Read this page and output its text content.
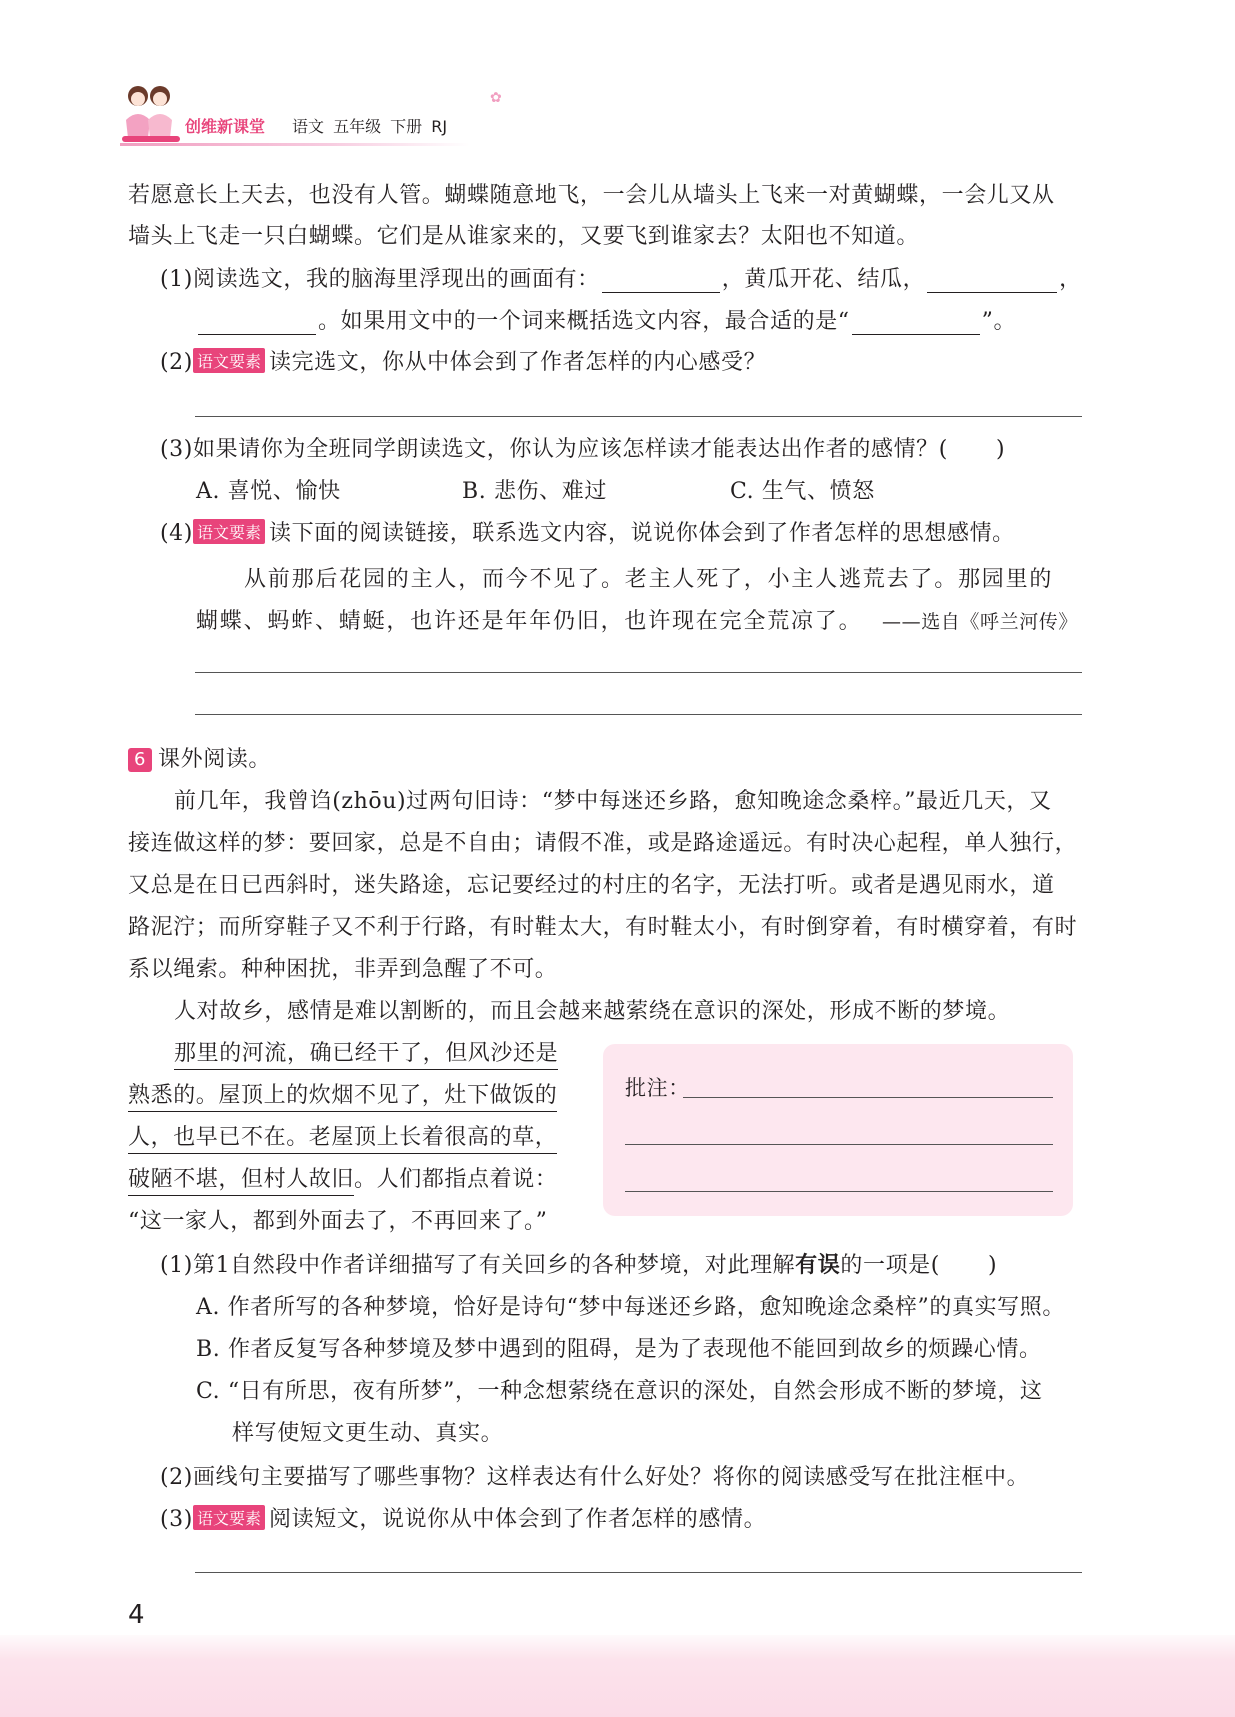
创维新课堂 语文 五年级 下册 RJ
✿
若愿意长上天去，也没有人管。蝴蝶随意地飞，一会儿从墙头上飞来一对黄蝴蝶，一会儿又从
墙头上飞走一只白蝴蝶。它们是从谁家来的，又要飞到谁家去？太阳也不知道。
(1)阅读选文，我的脑海里浮现出的画面有：	，黄瓜开花、结瓜，	，
。如果用文中的一个词来概括选文内容，最合适的是“	”。
(2) 语文要素 读完选文，你从中体会到了作者怎样的内心感受？
(3)如果请你为全班同学朗读选文，你认为应该怎样读才能表达出作者的感情？( )
A. 喜悦、愉快	B. 悲伤、难过	C. 生气、愤怒
(4) 语文要素 读下面的阅读链接，联系选文内容，说说你体会到了作者怎样的思想感情。
从前那后花园的主人，而今不见了。老主人死了，小主人逃荒去了。那园里的
蝴蝶、蚂蚱、蜻蜓，也许还是年年仍旧，也许现在完全荒凉了。 ——选自《呼兰河传》
6 课外阅读。
前几年，我曾诌(zhōu)过两句旧诗：“梦中每迷还乡路，愈知晚途念桑梓。”最近几天，又
接连做这样的梦：要回家，总是不自由；请假不准，或是路途遥远。有时决心起程，单人独行，
又总是在日已西斜时，迷失路途，忘记要经过的村庄的名字，无法打听。或者是遇见雨水，道
路泥泞；而所穿鞋子又不利于行路，有时鞋太大，有时鞋太小，有时倒穿着，有时横穿着，有时
系以绳索。种种困扰，非弄到急醒了不可。
人对故乡，感情是难以割断的，而且会越来越萦绕在意识的深处，形成不断的梦境。
那里的河流，确已经干了，但风沙还是
熟悉的。屋顶上的炊烟不见了，灶下做饭的
人，也早已不在。老屋顶上长着很高的草，
破陋不堪，但村人故旧。人们都指点着说：
“这一家人，都到外面去了，不再回来了。”
批注：
(1)第1自然段中作者详细描写了有关回乡的各种梦境，对此理解有误的一项是( )
A. 作者所写的各种梦境，恰好是诗句“梦中每迷还乡路，愈知晚途念桑梓”的真实写照。
B. 作者反复写各种梦境及梦中遇到的阻碍，是为了表现他不能回到故乡的烦躁心情。
C. “日有所思，夜有所梦”，一种念想萦绕在意识的深处，自然会形成不断的梦境，这
样写使短文更生动、真实。
(2)画线句主要描写了哪些事物？这样表达有什么好处？将你的阅读感受写在批注框中。
(3) 语文要素 阅读短文，说说你从中体会到了作者怎样的感情。
4
